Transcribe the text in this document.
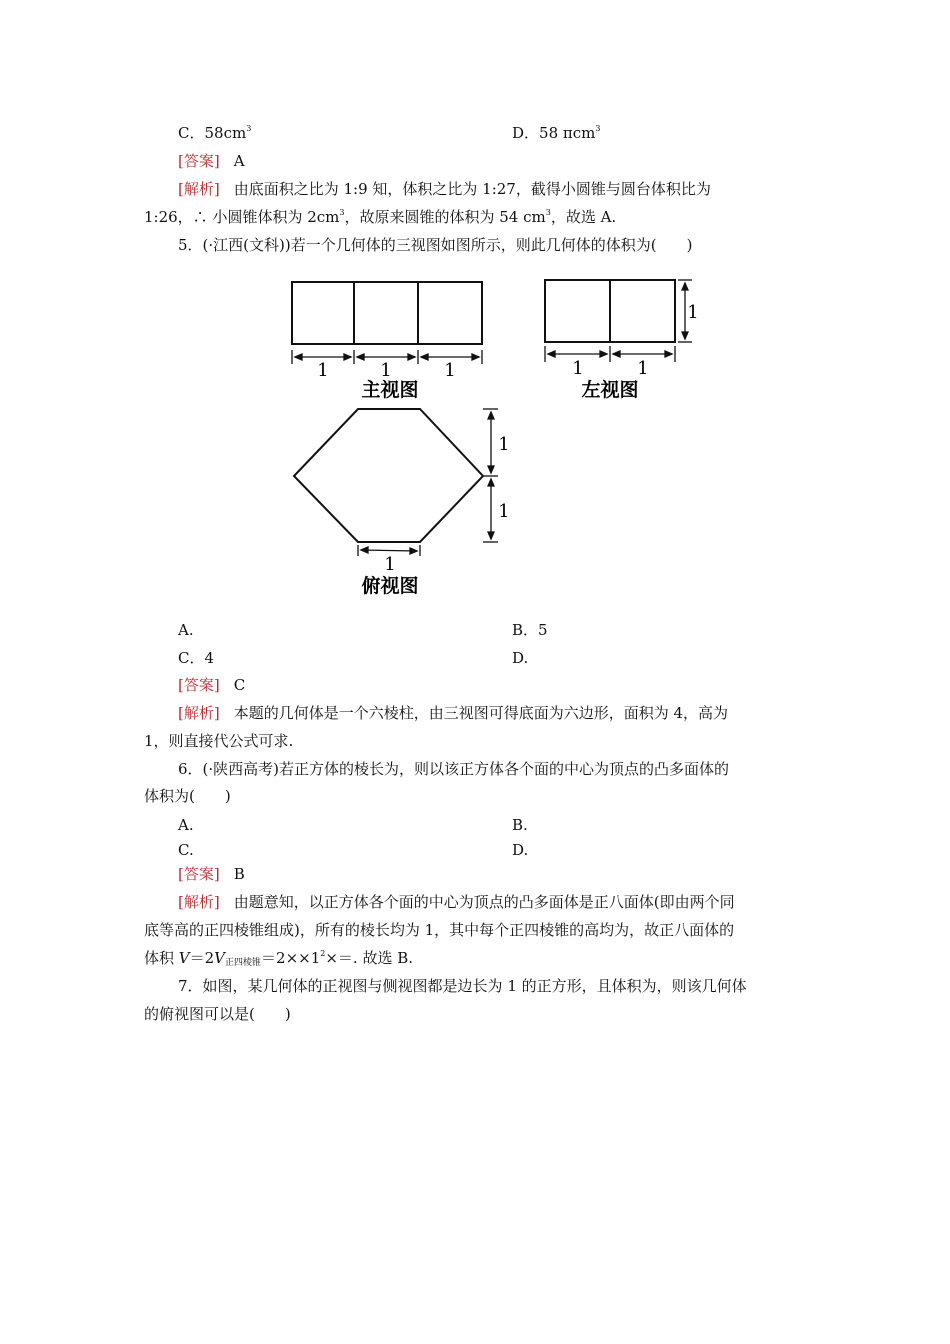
C．$58cm^3$	D．58 πcm$^3$
[答案] A
[解析] 由底面积之比为 1:9 知，体积之比为 1:27，截得小圆锥与圆台体积比为
1:26，∴ 小圆锥体积为 $2cm^3$，故原来圆锥的体积为 54 $cm^3$，故选 A.
5．(·江西(文科))若一个几何体的三视图如图所示，则此几何体的体积为(　　)
1	1	1
主视图
1	1
1
左视图
1
1
1
俯视图
A.	B．5
C．4	D.
[答案] C
[解析] 本题的几何体是一个六棱柱，由三视图可得底面为六边形，面积为 4，高为
1，则直接代公式可求.
6．(·陕西高考)若正方体的棱长为，则以该正方体各个面的中心为顶点的凸多面体的
体积为(　　)
A.	B.
C.	D.
[答案] B
[解析] 由题意知，以正方体各个面的中心为顶点的凸多面体是正八面体(即由两个同
底等高的正四棱锥组成)，所有的棱长均为 1，其中每个正四棱锥的高均为，故正八面体的
体积 $V=2V_{正四棱锥}=2\times\times 1^2\times=$. 故选 B.
7．如图，某几何体的正视图与侧视图都是边长为 1 的正方形，且体积为，则该几何体
的俯视图可以是(　　)
